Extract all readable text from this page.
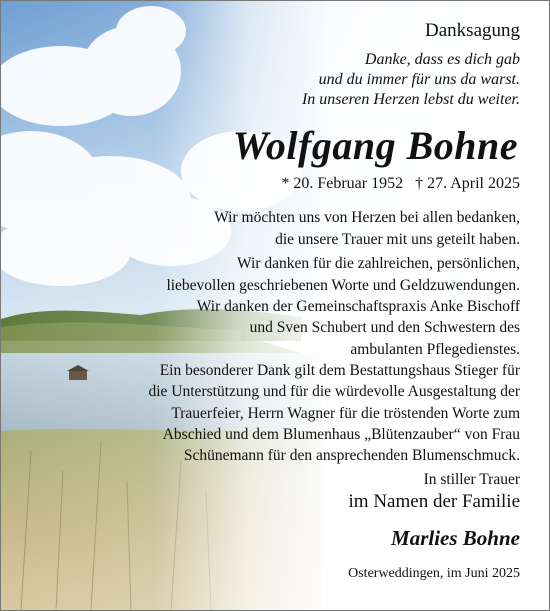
Danksagung
Danke, dass es dich gab
und du immer für uns da warst.
In unseren Herzen lebst du weiter.
Wolfgang Bohne
* 20. Februar 1952 † 27. April 2025
Wir möchten uns von Herzen bei allen bedanken,
die unsere Trauer mit uns geteilt haben.
Wir danken für die zahlreichen, persönlichen,
liebevollen geschriebenen Worte und Geldzuwendungen.
Wir danken der Gemeinschaftspraxis Anke Bischoff
und Sven Schubert und den Schwestern des
ambulanten Pflegedienstes.
Ein besonderer Dank gilt dem Bestattungshaus Stieger für
die Unterstützung und für die würdevolle Ausgestaltung der
Trauerfeier, Herrn Wagner für die tröstenden Worte zum
Abschied und dem Blumenhaus „Blütenzauber“ von Frau
Schünemann für den ansprechenden Blumenschmuck.
In stiller Trauer
im Namen der Familie
Marlies Bohne
Osterweddingen, im Juni 2025
